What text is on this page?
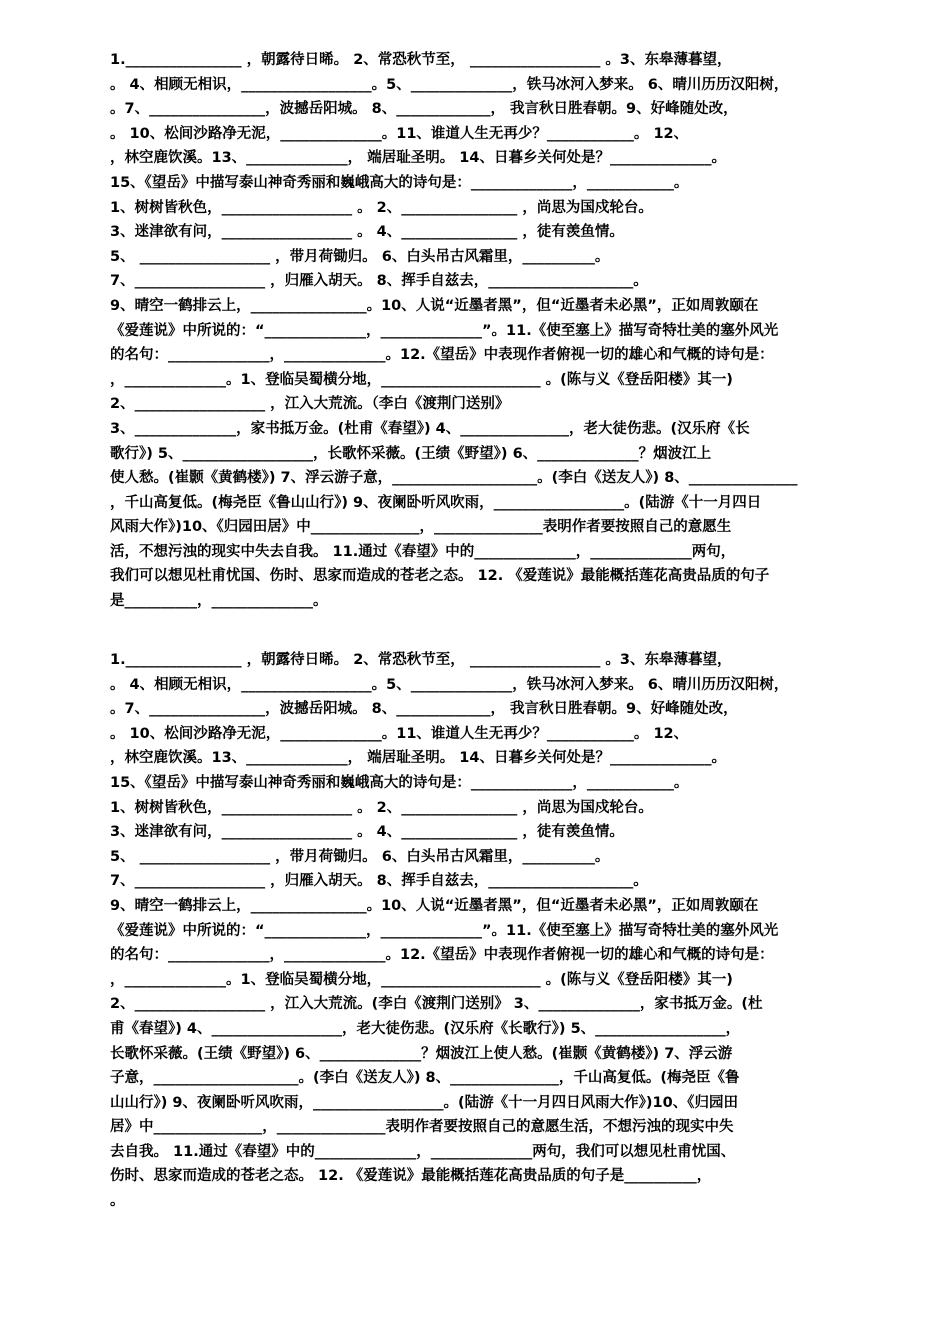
1.________________ ，朝露待日晞。 2、常恐秋节至， __________________ 。3、东皋薄暮望，
。 4、相顾无相识，__________________。5、______________，铁马冰河入梦来。 6、晴川历历汉阳树，
。7、________________，波撼岳阳城。 8、_____________， 我言秋日胜春朝。9、好峰随处改，
。 10、松间沙路净无泥，______________。11、谁道人生无再少？____________。 12、
，林空鹿饮溪。13、______________， 端居耻圣明。 14、日暮乡关何处是？______________。
15、《望岳》中描写泰山神奇秀丽和巍峨高大的诗句是：______________，____________。
1、树树皆秋色，__________________ 。 2、________________ ，尚思为国戍轮台。
3、迷津欲有问，__________________ 。 4、________________ ，徒有羡鱼情。
5、 __________________ ，带月荷锄归。 6、白头吊古风霜里，__________。
7、__________________ ，归雁入胡天。 8、挥手自兹去，____________________。
9、晴空一鹤排云上，________________。10、人说“近墨者黑”，但“近墨者未必黑”，正如周敦颐在
《爱莲说》中所说的：“______________，______________”。11.《使至塞上》描写奇特壮美的塞外风光
的名句：______________，______________。12.《望岳》中表现作者俯视一切的雄心和气概的诗句是：
，______________。1、登临吴蜀横分地，______________________ 。(陈与义《登岳阳楼》其一)
2、__________________ ，江入大荒流。（李白《渡荆门送别》
3、______________，家书抵万金。(杜甫《春望》) 4、_______________，老大徒伤悲。(汉乐府《长
歌行》) 5、__________________，长歌怀采薇。(王绩《野望》) 6、______________？烟波江上
使人愁。(崔颢《黄鹤楼》) 7、浮云游子意，____________________。(李白《送友人》) 8、_______________
，千山高复低。(梅尧臣《鲁山山行》) 9、夜阑卧听风吹雨，__________________。(陆游《十一月四日
风雨大作》)10、《归园田居》中_______________，_______________表明作者要按照自己的意愿生
活，不想污浊的现实中失去自我。 11.通过《春望》中的______________，______________两句，
我们可以想见杜甫忧国、伤时、思家而造成的苍老之态。 12. 《爱莲说》最能概括莲花高贵品质的句子
是__________，______________。
1.________________ ，朝露待日晞。 2、常恐秋节至， __________________ 。3、东皋薄暮望，
。 4、相顾无相识，__________________。5、______________，铁马冰河入梦来。 6、晴川历历汉阳树，
。7、________________，波撼岳阳城。 8、_____________， 我言秋日胜春朝。9、好峰随处改，
。 10、松间沙路净无泥，______________。11、谁道人生无再少？____________。 12、
，林空鹿饮溪。13、______________， 端居耻圣明。 14、日暮乡关何处是？______________。
15、《望岳》中描写泰山神奇秀丽和巍峨高大的诗句是：______________，____________。
1、树树皆秋色，__________________ 。 2、________________ ，尚思为国戍轮台。
3、迷津欲有问，__________________ 。 4、________________ ，徒有羡鱼情。
5、 __________________ ，带月荷锄归。 6、白头吊古风霜里，__________。
7、__________________ ，归雁入胡天。 8、挥手自兹去，____________________。
9、晴空一鹤排云上，________________。10、人说“近墨者黑”，但“近墨者未必黑”，正如周敦颐在
《爱莲说》中所说的：“______________，______________”。11.《使至塞上》描写奇特壮美的塞外风光
的名句：______________，______________。12.《望岳》中表现作者俯视一切的雄心和气概的诗句是：
，______________。1、登临吴蜀横分地，______________________ 。(陈与义《登岳阳楼》其一)
2、__________________ ，江入大荒流。(李白《渡荆门送别》 3、______________，家书抵万金。(杜
甫《春望》) 4、__________________，老大徒伤悲。(汉乐府《长歌行》) 5、__________________，
长歌怀采薇。(王绩《野望》) 6、______________？烟波江上使人愁。(崔颢《黄鹤楼》) 7、浮云游
子意，____________________。(李白《送友人》) 8、_______________，千山高复低。(梅尧臣《鲁
山山行》) 9、夜阑卧听风吹雨，__________________。(陆游《十一月四日风雨大作》)10、《归园田
居》中_______________，_______________表明作者要按照自己的意愿生活，不想污浊的现实中失
去自我。 11.通过《春望》中的______________，______________两句，我们可以想见杜甫忧国、
伤时、思家而造成的苍老之态。 12. 《爱莲说》最能概括莲花高贵品质的句子是__________，
。
